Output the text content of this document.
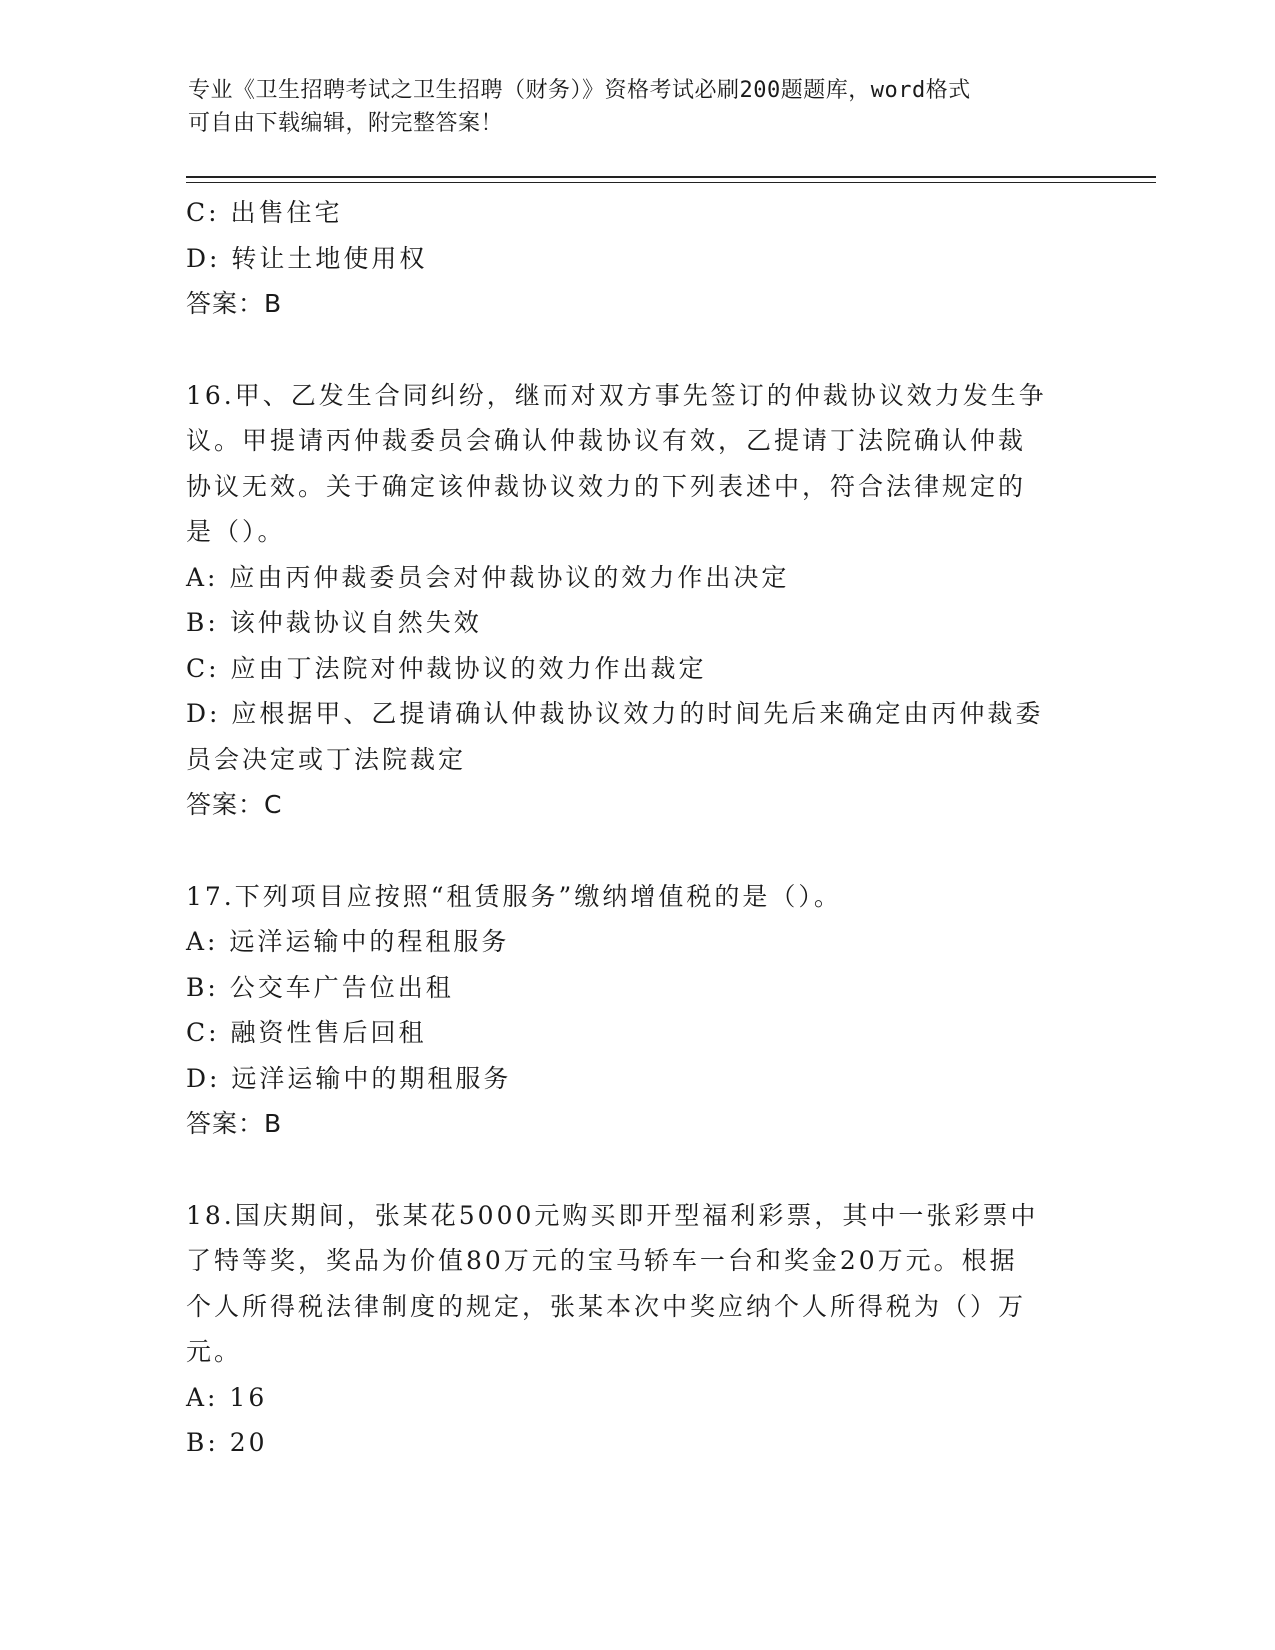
专业《卫生招聘考试之卫生招聘（财务）》资格考试必刷200题题库，word格式
可自由下载编辑，附完整答案！

C: 出售住宅

D: 转让土地使用权

答案：B

16.甲、乙发生合同纠纷，继而对双方事先签订的仲裁协议效力发生争

议。甲提请丙仲裁委员会确认仲裁协议有效，乙提请丁法院确认仲裁

协议无效。关于确定该仲裁协议效力的下列表述中，符合法律规定的

是（）。

A: 应由丙仲裁委员会对仲裁协议的效力作出决定

B: 该仲裁协议自然失效

C: 应由丁法院对仲裁协议的效力作出裁定

D: 应根据甲、乙提请确认仲裁协议效力的时间先后来确定由丙仲裁委

员会决定或丁法院裁定

答案：C

17.下列项目应按照“租赁服务”缴纳增值税的是（）。

A: 远洋运输中的程租服务

B: 公交车广告位出租

C: 融资性售后回租

D: 远洋运输中的期租服务

答案：B

18.国庆期间，张某花5000元购买即开型福利彩票，其中一张彩票中

了特等奖，奖品为价值80万元的宝马轿车一台和奖金20万元。根据

个人所得税法律制度的规定，张某本次中奖应纳个人所得税为（）万

元。

A: 16

B: 20
